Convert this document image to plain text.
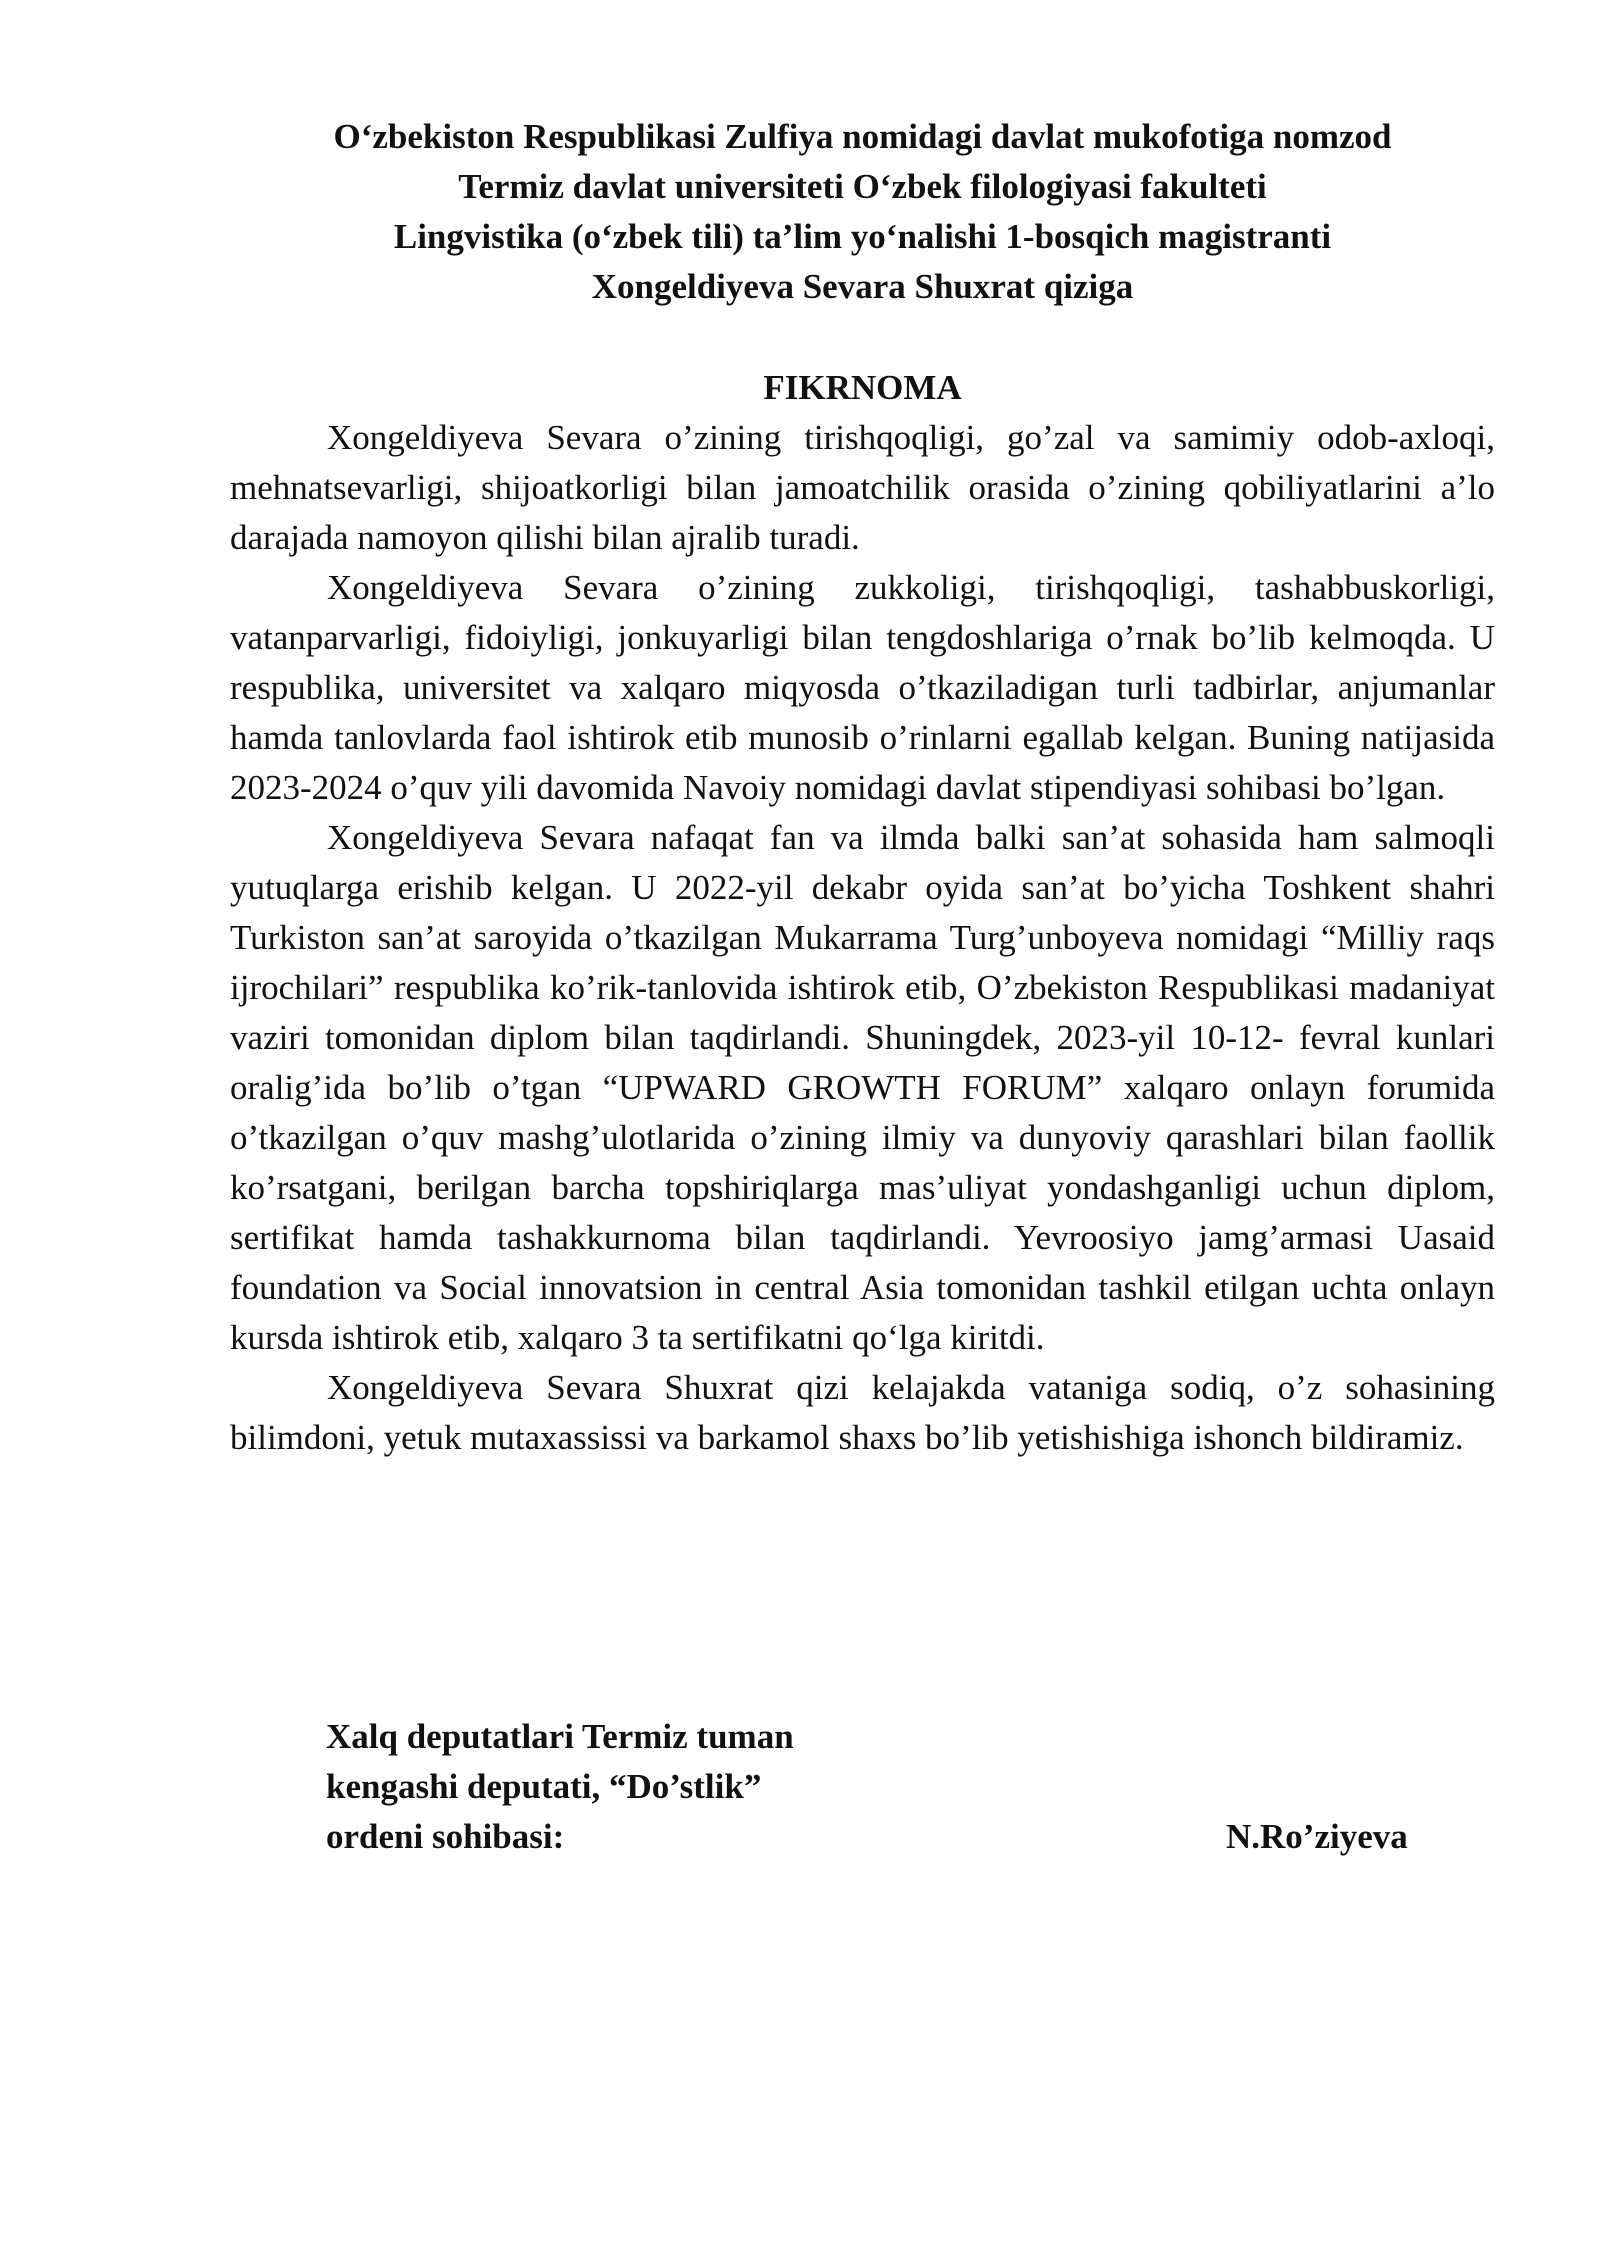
O‘zbekiston Respublikasi Zulfiya nomidagi davlat mukofotiga nomzod
Termiz davlat universiteti O‘zbek filologiyasi fakulteti
Lingvistika (o‘zbek tili) ta’lim yo‘nalishi 1-bosqich magistranti
Xongeldiyeva Sevara Shuxrat qiziga
FIKRNOMA

Xongeldiyeva Sevara o’zining tirishqoqligi, go’zal va samimiy odob-axloqi, mehnatsevarligi, shijoatkorligi bilan jamoatchilik orasida o’zining qobiliyatlarini a’lo darajada namoyon qilishi bilan ajralib turadi.

Xongeldiyeva Sevara o’zining zukkoligi, tirishqoqligi, tashabbuskorligi, vatanparvarligi, fidoiyligi, jonkuyarligi bilan tengdoshlariga o’rnak bo’lib kelmoqda. U respublika, universitet va xalqaro miqyosda o’tkaziladigan turli tadbirlar, anjumanlar hamda tanlovlarda faol ishtirok etib munosib o’rinlarni egallab kelgan. Buning natijasida 2023-2024 o’quv yili davomida Navoiy nomidagi davlat stipendiyasi sohibasi bo’lgan.

Xongeldiyeva Sevara nafaqat fan va ilmda balki san’at sohasida ham salmoqli yutuqlarga erishib kelgan. U 2022-yil dekabr oyida san’at bo’yicha Toshkent shahri Turkiston san’at saroyida o’tkazilgan Mukarrama Turg’unboyeva nomidagi “Milliy raqs ijrochilari” respublika ko’rik-tanlovida ishtirok etib, O’zbekiston Respublikasi madaniyat vaziri tomonidan diplom bilan taqdirlandi. Shuningdek, 2023-yil 10-12- fevral kunlari oralig’ida bo’lib o’tgan “UPWARD GROWTH FORUM” xalqaro onlayn forumida o’tkazilgan o’quv mashg’ulotlarida o’zining ilmiy va dunyoviy qarashlari bilan faollik ko’rsatgani, berilgan barcha topshiriqlarga mas’uliyat yondashganligi uchun diplom, sertifikat hamda tashakkurnoma bilan taqdirlandi. Yevroosiyo jamg’armasi Uasaid foundation va Social innovatsion in central Asia tomonidan tashkil etilgan uchta onlayn kursda ishtirok etib, xalqaro 3 ta sertifikatni qo‘lga kiritdi.

Xongeldiyeva Sevara Shuxrat qizi kelajakda vataniga sodiq, o’z sohasining bilimdoni, yetuk mutaxassissi va barkamol shaxs bo’lib yetishishiga ishonch bildiramiz.

Xalq deputatlari Termiz tuman
kengashi deputati, “Do’stlik”
ordeni sohibasi:	N.Ro’ziyeva
